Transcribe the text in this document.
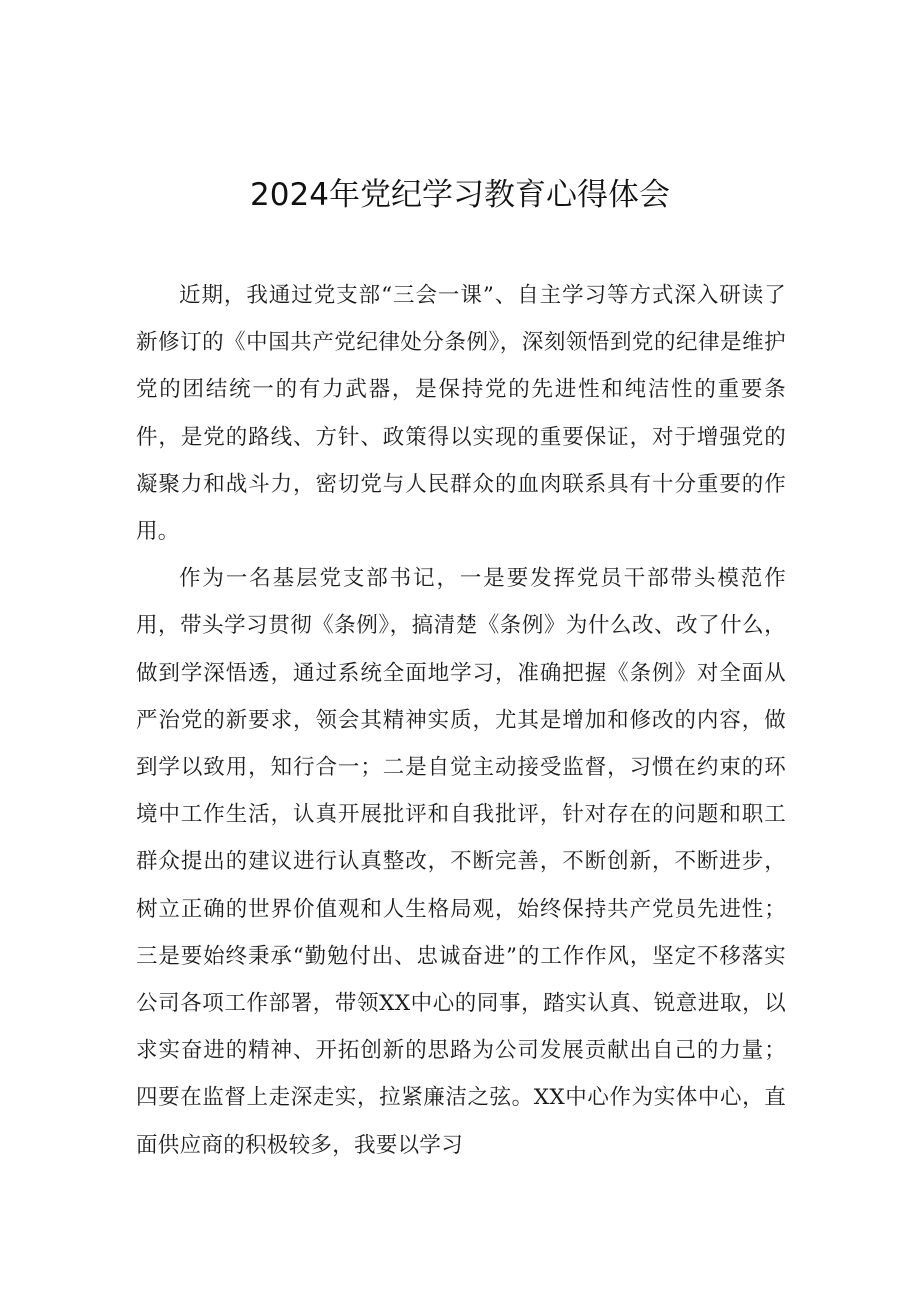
2024年党纪学习教育心得体会

近期，我通过党支部“三会一课”、自主学习等方式深入研读了新修订的《中国共产党纪律处分条例》，深刻领悟到党的纪律是维护党的团结统一的有力武器，是保持党的先进性和纯洁性的重要条件，是党的路线、方针、政策得以实现的重要保证，对于增强党的凝聚力和战斗力，密切党与人民群众的血肉联系具有十分重要的作用。

作为一名基层党支部书记，一是要发挥党员干部带头模范作用，带头学习贯彻《条例》，搞清楚《条例》为什么改、改了什么，做到学深悟透，通过系统全面地学习，准确把握《条例》对全面从严治党的新要求，领会其精神实质，尤其是增加和修改的内容，做到学以致用，知行合一；二是自觉主动接受监督，习惯在约束的环境中工作生活，认真开展批评和自我批评，针对存在的问题和职工群众提出的建议进行认真整改，不断完善，不断创新，不断进步，树立正确的世界价值观和人生格局观，始终保持共产党员先进性；三是要始终秉承“勤勉付出、忠诚奋进”的工作作风，坚定不移落实公司各项工作部署，带领XX中心的同事，踏实认真、锐意进取，以求实奋进的精神、开拓创新的思路为公司发展贡献出自己的力量；四要在监督上走深走实，拉紧廉洁之弦。XX中心作为实体中心，直面供应商的积极较多，我要以学习
